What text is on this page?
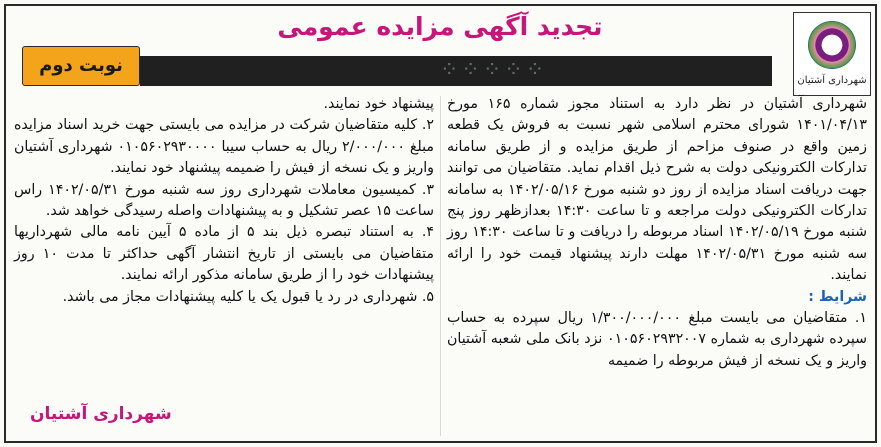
تجدید آگهی مزایده عمومی
شهرداری آشتیان
⁘⁘⁘⁘⁘
نوبت دوم

شهرداری آشتیان در نظر دارد به استناد مجوز شماره ۱۶۵ مورخ ۱۴۰۱/۰۴/۱۳ شورای محترم اسلامی شهر نسبت به فروش یک قطعه زمین واقع در صنوف مزاحم از طریق مزایده و از طریق سامانه تدارکات الکترونیکی دولت به شرح ذیل اقدام نماید. متقاضیان می توانند جهت دریافت اسناد مزایده از روز دو شنبه مورخ ۱۴۰۲/۰۵/۱۶ به سامانه تدارکات الکترونیکی دولت مراجعه و تا ساعت ۱۴:۳۰ بعدازظهر روز پنج شنبه مورخ ۱۴۰۲/۰۵/۱۹ اسناد مربوطه را دریافت و تا ساعت ۱۴:۳۰ روز سه شنبه مورخ ۱۴۰۲/۰۵/۳۱ مهلت دارند پیشنهاد قیمت خود را ارائه نمایند.

شرایط :

۱. متقاضیان می بایست مبلغ ۱/۳۰۰/۰۰۰/۰۰۰ ریال سپرده به حساب سپرده شهرداری به شماره ۰۱۰۵۶۰۲۹۳۲۰۰۷ نزد بانک ملی شعبه آشتیان واریز و یک نسخه از فیش مربوطه را ضمیمه

پیشنهاد خود نمایند.

۲. کلیه متقاضیان شرکت در مزایده می بایستی جهت خرید اسناد مزایده مبلغ ۲/۰۰۰/۰۰۰ ریال به حساب سیبا ۰۱۰۵۶۰۲۹۳۰۰۰۰ شهرداری آشتیان واریز و یک نسخه از فیش را ضمیمه پیشنهاد خود نمایند.

۳. کمیسیون معاملات شهرداری روز سه شنبه مورخ ۱۴۰۲/۰۵/۳۱ راس ساعت ۱۵ عصر تشکیل و به پیشنهادات واصله رسیدگی خواهد شد.

۴. به استناد تبصره ذیل بند ۵ از ماده ۵ آیین نامه مالی شهرداریها متقاضیان می بایستی از تاریخ انتشار آگهی حداکثر تا مدت ۱۰ روز پیشنهادات خود را از طریق سامانه مذکور ارائه نمایند.

۵. شهرداری در رد یا قبول یک یا کلیه پیشنهادات مجاز می باشد.

شهرداری آشتیان
